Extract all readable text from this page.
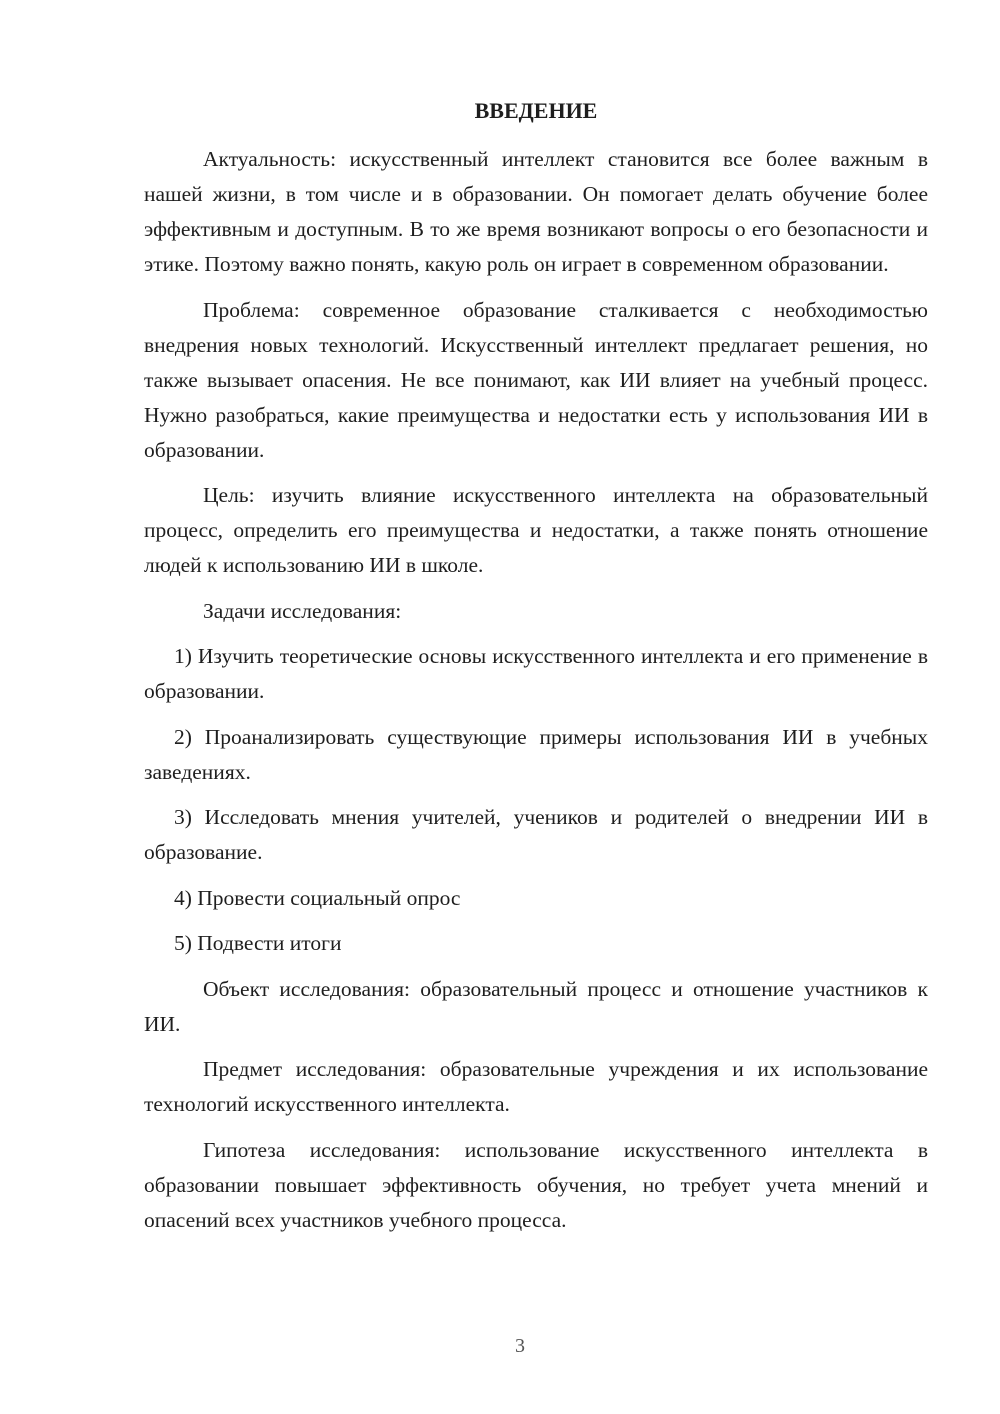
ВВЕДЕНИЕ

Актуальность: искусственный интеллект становится все более важным в нашей жизни, в том числе и в образовании. Он помогает делать обучение более эффективным и доступным. В то же время возникают вопросы о его безопасности и этике. Поэтому важно понять, какую роль он играет в современном образовании.

Проблема: современное образование сталкивается с необходимостью внедрения новых технологий. Искусственный интеллект предлагает решения, но также вызывает опасения. Не все понимают, как ИИ влияет на учебный процесс. Нужно разобраться, какие преимущества и недостатки есть у использования ИИ в образовании.

Цель: изучить влияние искусственного интеллекта на образовательный процесс, определить его преимущества и недостатки, а также понять отношение людей к использованию ИИ в школе.

Задачи исследования:

1) Изучить теоретические основы искусственного интеллекта и его применение в образовании.

2) Проанализировать существующие примеры использования ИИ в учебных заведениях.

3) Исследовать мнения учителей, учеников и родителей о внедрении ИИ в образование.

4) Провести социальный опрос

5) Подвести итоги

Объект исследования: образовательный процесс и отношение участников к ИИ.

Предмет исследования: образовательные учреждения и их использование технологий искусственного интеллекта.

Гипотеза исследования: использование искусственного интеллекта в образовании повышает эффективность обучения, но требует учета мнений и опасений всех участников учебного процесса.

3
